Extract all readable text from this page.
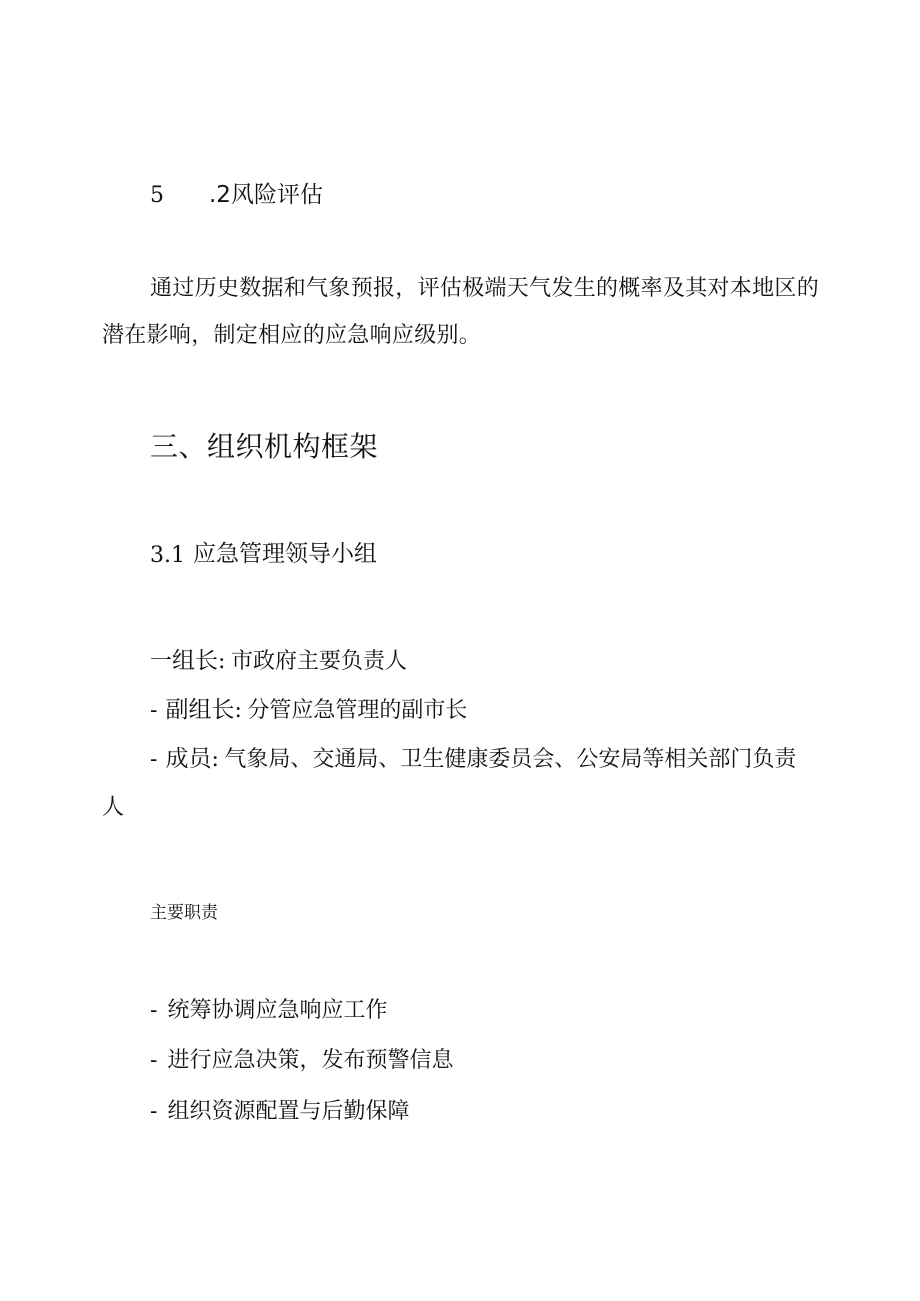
5 .2风险评估
通过历史数据和气象预报，评估极端天气发生的概率及其对本地区的
潜在影响，制定相应的应急响应级别。
三、组织机构框架
3.1 应急管理领导小组
一组长: 市政府主要负责人
- 副组长: 分管应急管理的副市长
- 成员: 气象局、交通局、卫生健康委员会、公安局等相关部门负责
人
主要职责
- 统筹协调应急响应工作
- 进行应急决策，发布预警信息
- 组织资源配置与后勤保障
